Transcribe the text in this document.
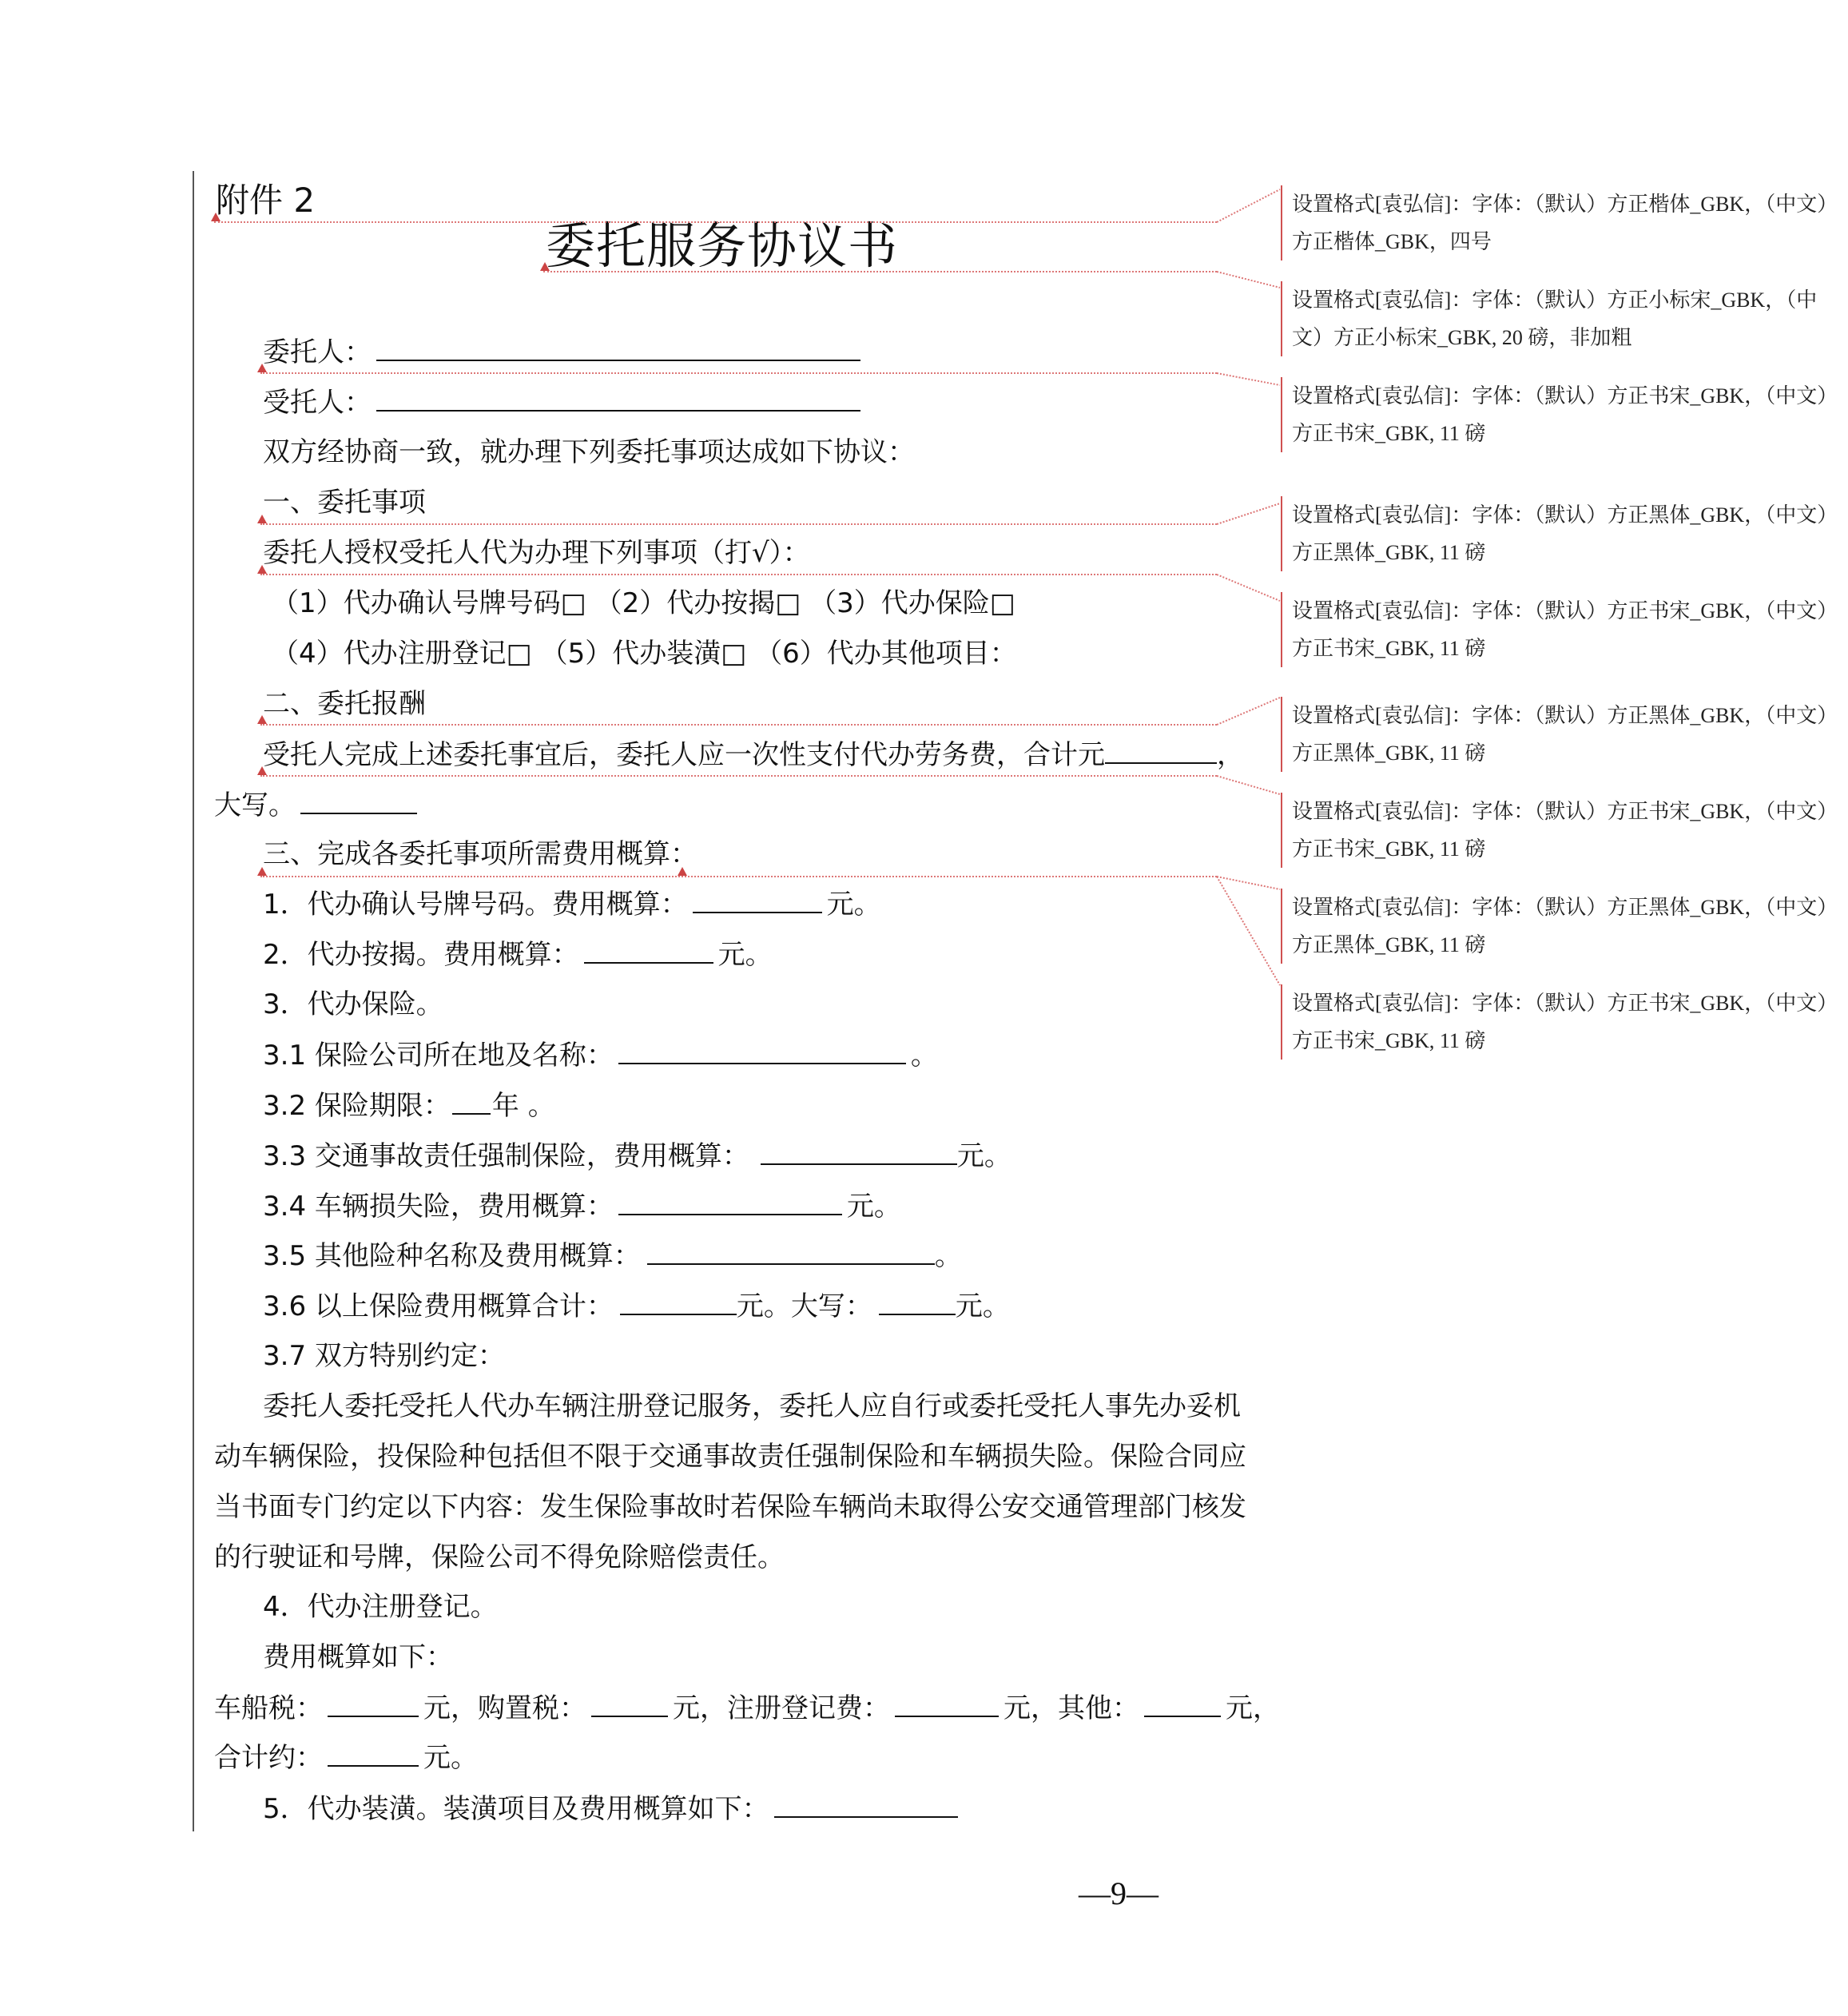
附件 2
委托服务协议书
委托人：
受托人：
双方经协商一致，就办理下列委托事项达成如下协议：
一、委托事项
委托人授权受托人代为办理下列事项（打√）：
（1）代办确认号牌号码□ （2）代办按揭□ （3）代办保险□
（4）代办注册登记□ （5）代办装潢□ （6）代办其他项目：
二、委托报酬
受托人完成上述委托事宜后，委托人应一次性支付代办劳务费，合计元	，
大写。
三、完成各委托事项所需费用概算：
1．代办确认号牌号码。费用概算：	元。
2．代办按揭。费用概算：	元。
3．代办保险。
3.1 保险公司所在地及名称：	。
3.2 保险期限： 年 。
3.3 交通事故责任强制保险，费用概算：	元。
3.4 车辆损失险，费用概算：	元。
3.5 其他险种名称及费用概算：	。
3.6 以上保险费用概算合计：	元。大写：	元。
3.7 双方特别约定：
委托人委托受托人代办车辆注册登记服务，委托人应自行或委托受托人事先办妥机
动车辆保险，投保险种包括但不限于交通事故责任强制保险和车辆损失险。保险合同应
当书面专门约定以下内容：发生保险事故时若保险车辆尚未取得公安交通管理部门核发
的行驶证和号牌，保险公司不得免除赔偿责任。
4．代办注册登记。
费用概算如下：
车船税：	元，购置税：	元，注册登记费：	元，其他：	元，
合计约：	元。
5．代办装潢。装潢项目及费用概算如下：
设置格式[袁弘信]：字体：（默认）方正楷体_GBK，（中文）
方正楷体_GBK，四号
设置格式[袁弘信]：字体：（默认）方正小标宋_GBK，（中
文）方正小标宋_GBK, 20 磅，非加粗
设置格式[袁弘信]：字体：（默认）方正书宋_GBK，（中文）
方正书宋_GBK, 11 磅
设置格式[袁弘信]：字体：（默认）方正黑体_GBK，（中文）
方正黑体_GBK, 11 磅
设置格式[袁弘信]：字体：（默认）方正书宋_GBK，（中文）
方正书宋_GBK, 11 磅
设置格式[袁弘信]：字体：（默认）方正黑体_GBK，（中文）
方正黑体_GBK, 11 磅
设置格式[袁弘信]：字体：（默认）方正书宋_GBK，（中文）
方正书宋_GBK, 11 磅
设置格式[袁弘信]：字体：（默认）方正黑体_GBK，（中文）
方正黑体_GBK, 11 磅
设置格式[袁弘信]：字体：（默认）方正书宋_GBK，（中文）
方正书宋_GBK, 11 磅
—9—
